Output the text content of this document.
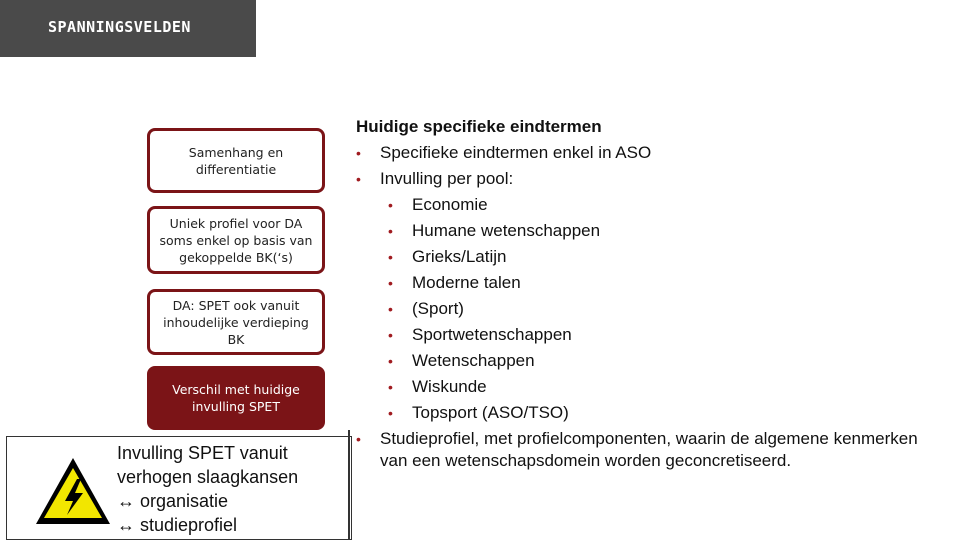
SPANNINGSVELDEN
Samenhang en differentiatie
Uniek profiel voor DA soms enkel op basis van gekoppelde BK(‘s)
DA: SPET ook vanuit inhoudelijke verdieping BK
Verschil met huidige invulling SPET
Invulling SPET vanuit
verhogen slaagkansen
↔ organisatie
↔ studieprofiel
Huidige specifieke eindtermen
• Specifieke eindtermen enkel in ASO
• Invulling per pool:
• Economie
• Humane wetenschappen
• Grieks/Latijn
• Moderne talen
• (Sport)
• Sportwetenschappen
• Wetenschappen
• Wiskunde
• Topsport (ASO/TSO)
• Studieprofiel, met profielcomponenten, waarin de algemene kenmerken van een wetenschapsdomein worden geconcretiseerd.
